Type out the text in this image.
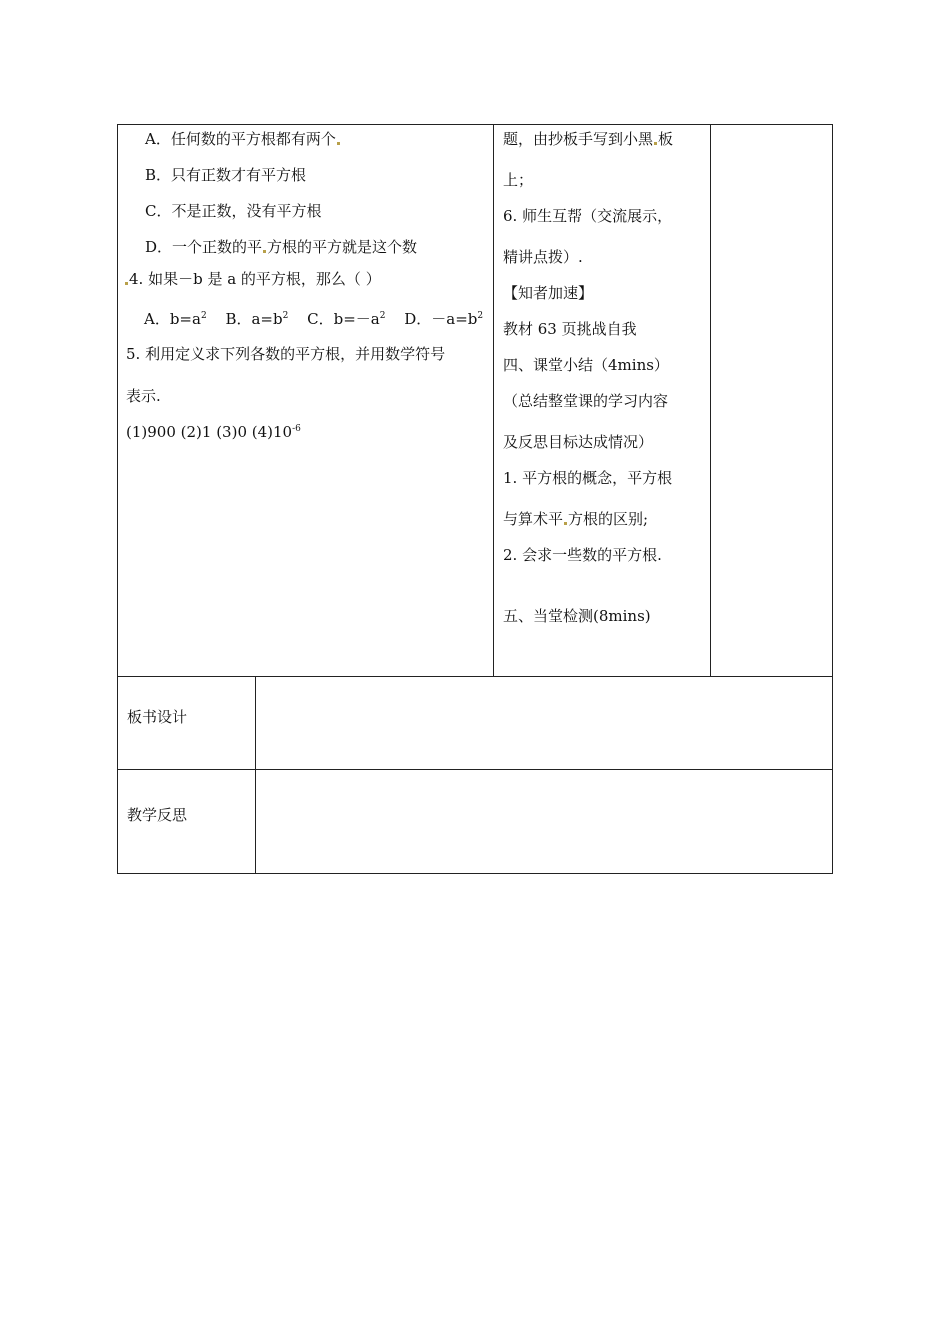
A．任何数的平方根都有两个
B．只有正数才有平方根
C．不是正数，没有平方根
D．一个正数的平 方根的平方就是这个数
4. 如果－b 是 a 的平方根，那么（ ）
A．$b=a^2$ B．$a=b^2$ C．$b=-a^2$ D．$-a=b^2$
5. 利用定义求下列各数的平方根，并用数学符号
表示.
(1)900 (2)1 (3)0 $(4)10^{-6}$
题，由抄板手写到小黑 板
上；
6. 师生互帮（交流展示，
精讲点拨）.
【知者加速】
教材 63 页挑战自我
四、课堂小结（4mins）
（总结整堂课的学习内容
及反思目标达成情况）
1. 平方根的概念，平方根
与算术平 方根的区别;
2. 会求一些数的平方根.
五、当堂检测(8mins)
板书设计
教学反思
